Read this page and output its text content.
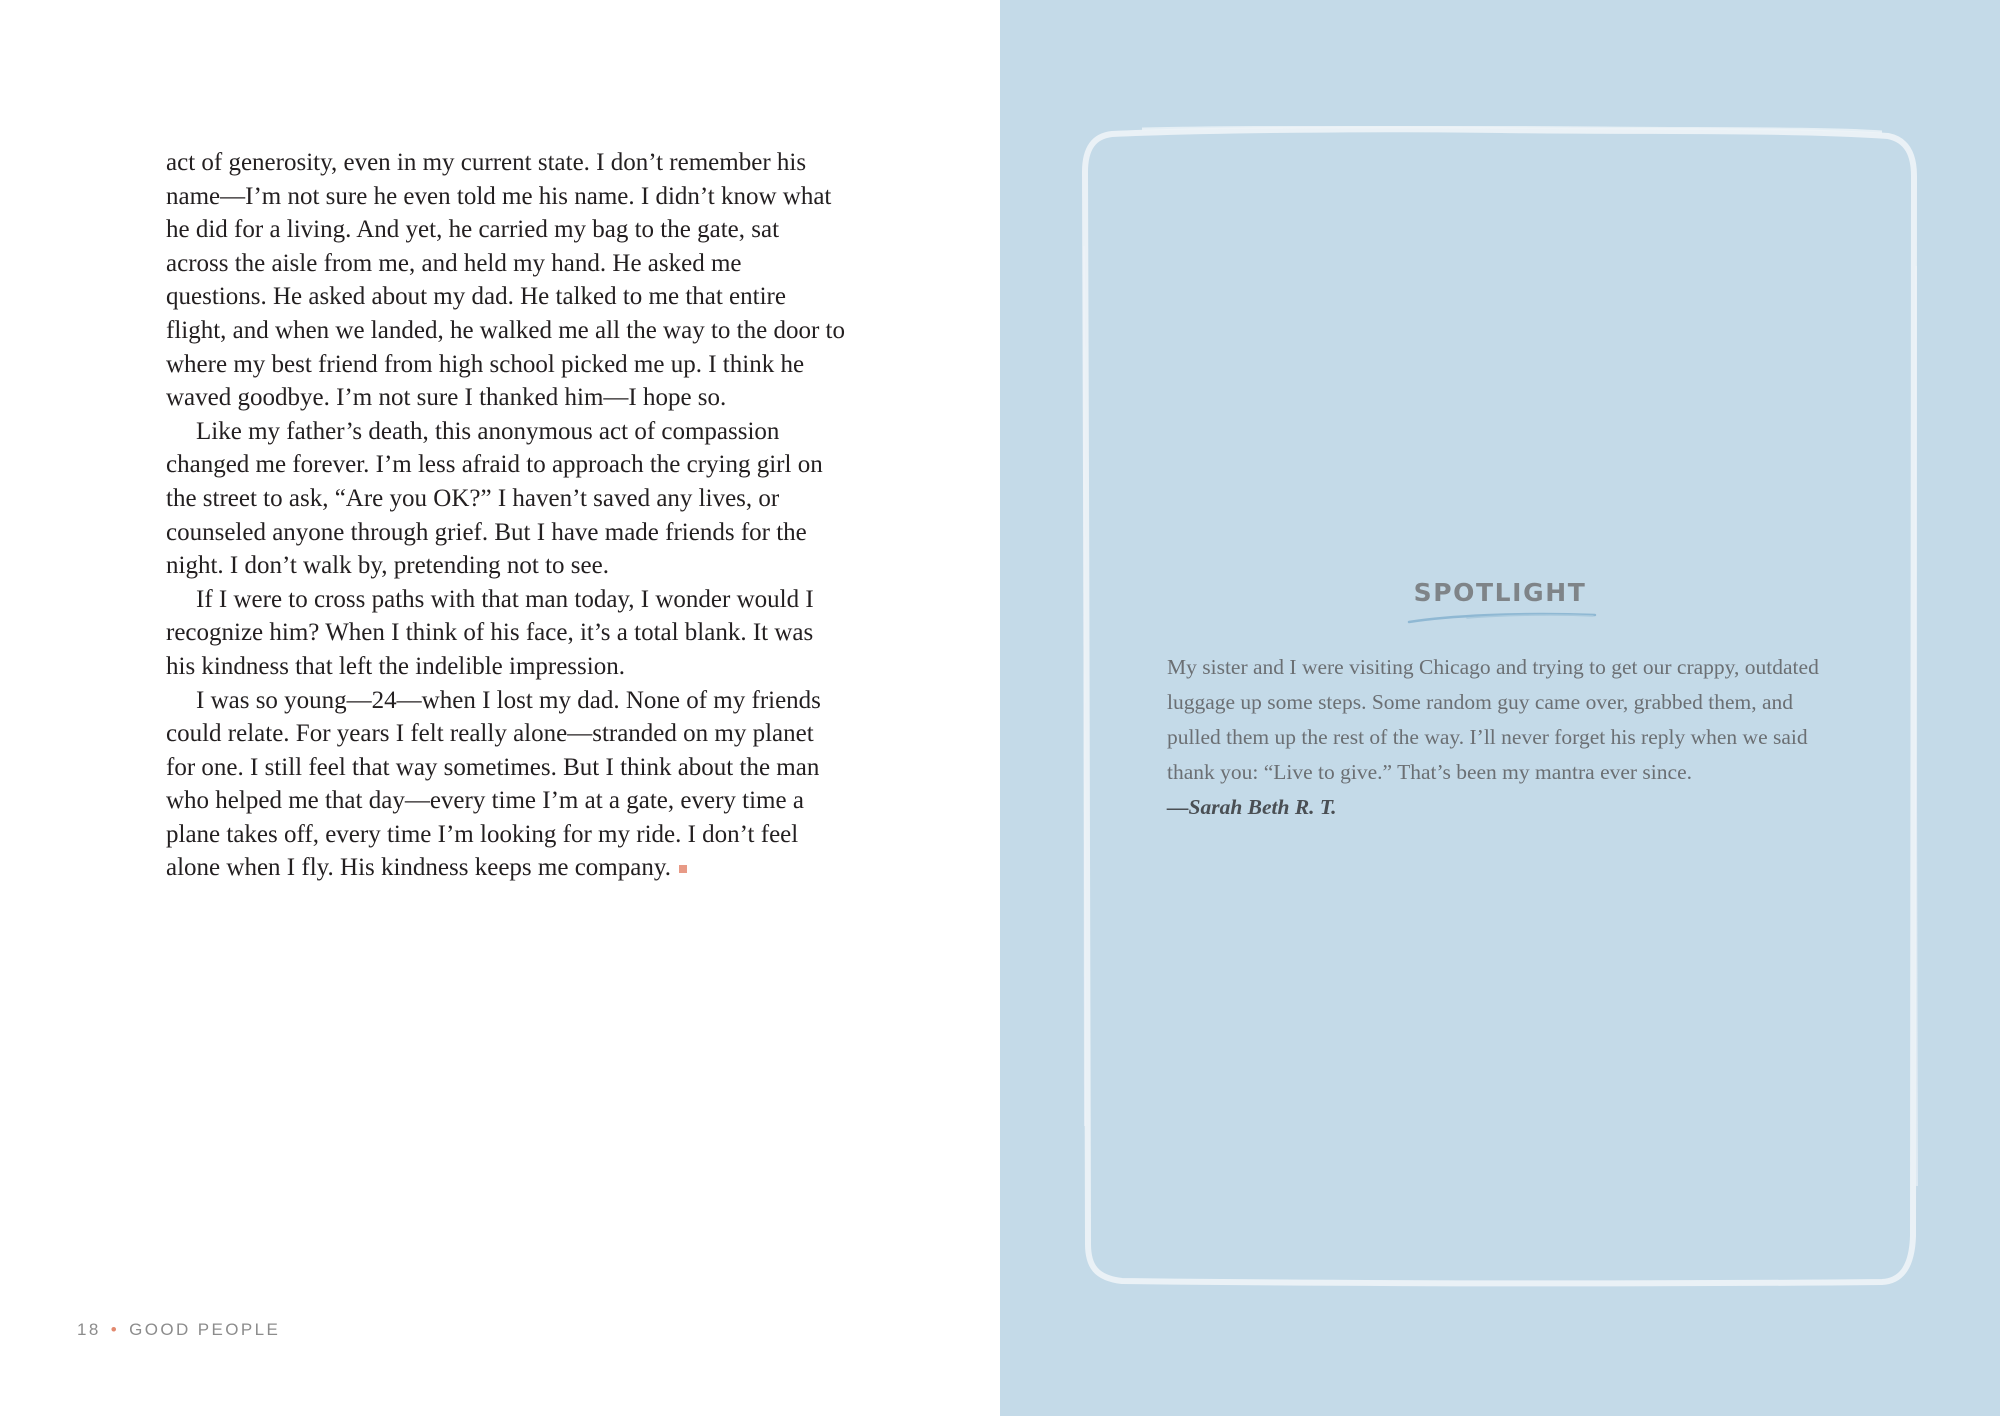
act of generosity, even in my current state. I don’t remember his name—I’m not sure he even told me his name. I didn’t know what he did for a living. And yet, he carried my bag to the gate, sat across the aisle from me, and held my hand. He asked me questions. He asked about my dad. He talked to me that entire flight, and when we landed, he walked me all the way to the door to where my best friend from high school picked me up. I think he waved goodbye. I’m not sure I thanked him—I hope so.

Like my father’s death, this anonymous act of compassion changed me forever. I’m less afraid to approach the crying girl on the street to ask, “Are you OK?” I haven’t saved any lives, or counseled anyone through grief. But I have made friends for the night. I don’t walk by, pretending not to see.

If I were to cross paths with that man today, I wonder would I recognize him? When I think of his face, it’s a total blank. It was his kindness that left the indelible impression.

I was so young—24—when I lost my dad. None of my friends could relate. For years I felt really alone—stranded on my planet for one. I still feel that way sometimes. But I think about the man who helped me that day—every time I’m at a gate, every time a plane takes off, every time I’m looking for my ride. I don’t feel alone when I fly. His kindness keeps me company.

18 • GOOD PEOPLE
SPOTLIGHT

My sister and I were visiting Chicago and trying to get our crappy, outdated luggage up some steps. Some random guy came over, grabbed them, and pulled them up the rest of the way. I’ll never forget his reply when we said thank you: “Live to give.” That’s been my mantra ever since.

—Sarah Beth R. T.
